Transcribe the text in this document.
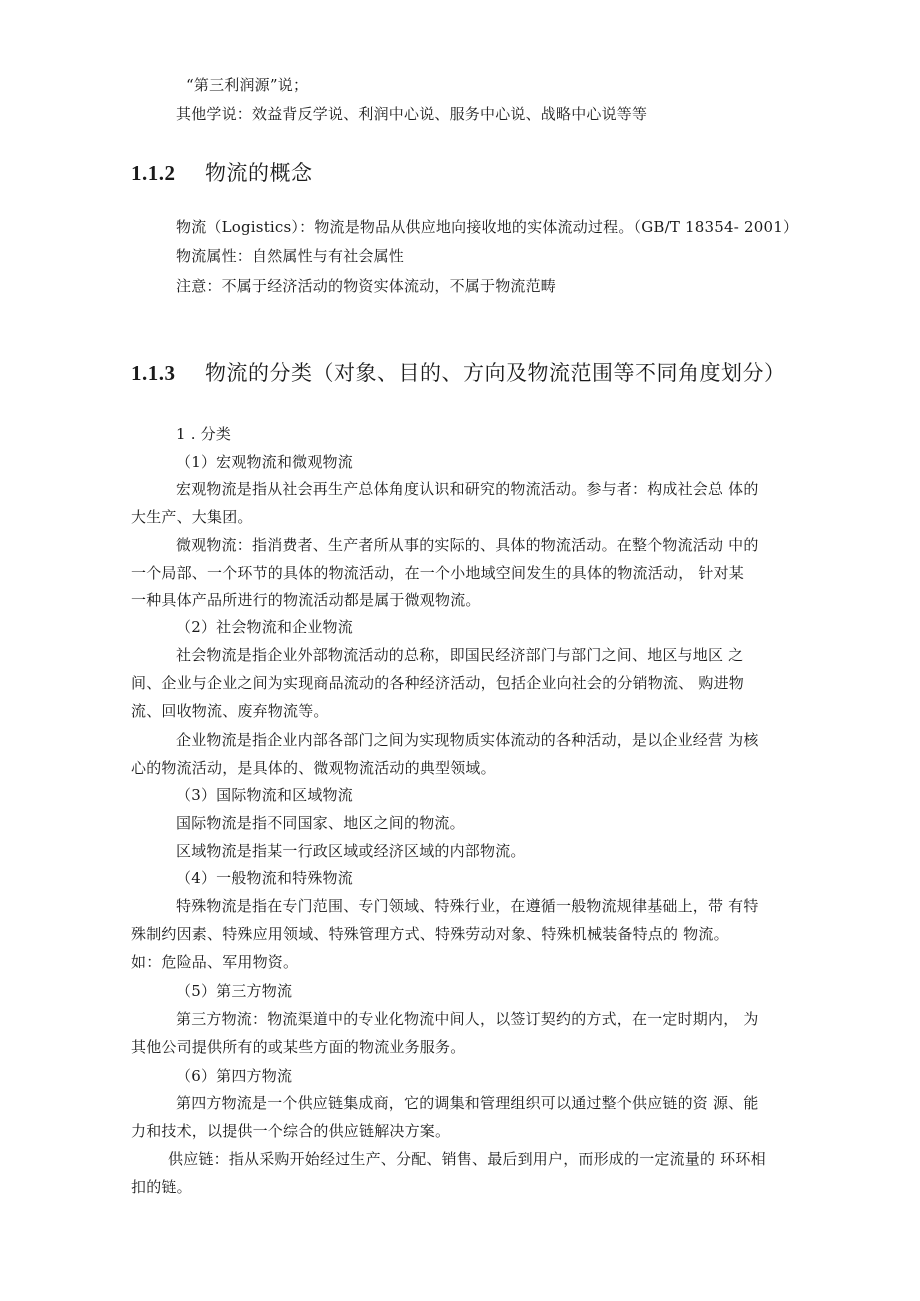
“第三利润源”说；
其他学说：效益背反学说、利润中心说、服务中心说、战略中心说等等
1.1.2 物流的概念
物流（Logistics）：物流是物品从供应地向接收地的实体流动过程。（GB/T 18354- 2001）
物流属性：自然属性与有社会属性
注意：不属于经济活动的物资实体流动，不属于物流范畴
1.1.3 物流的分类（对象、目的、方向及物流范围等不同角度划分）
1 . 分类
（1）宏观物流和微观物流
宏观物流是指从社会再生产总体角度认识和研究的物流活动。参与者：构成社会总 体的
大生产、大集团。
微观物流：指消费者、生产者所从事的实际的、具体的物流活动。在整个物流活动 中的
一个局部、一个环节的具体的物流活动，在一个小地域空间发生的具体的物流活动， 针对某
一种具体产品所进行的物流活动都是属于微观物流。
（2）社会物流和企业物流
社会物流是指企业外部物流活动的总称，即国民经济部门与部门之间、地区与地区 之
间、企业与企业之间为实现商品流动的各种经济活动，包括企业向社会的分销物流、 购进物
流、回收物流、废弃物流等。
企业物流是指企业内部各部门之间为实现物质实体流动的各种活动，是以企业经营 为核
心的物流活动，是具体的、微观物流活动的典型领域。
（3）国际物流和区域物流
国际物流是指不同国家、地区之间的物流。
区域物流是指某一行政区域或经济区域的内部物流。
（4）一般物流和特殊物流
特殊物流是指在专门范围、专门领域、特殊行业，在遵循一般物流规律基础上，带 有特
殊制约因素、特殊应用领域、特殊管理方式、特殊劳动对象、特殊机械装备特点的 物流。
如：危险品、军用物资。
（5）第三方物流
第三方物流：物流渠道中的专业化物流中间人，以签订契约的方式，在一定时期内， 为
其他公司提供所有的或某些方面的物流业务服务。
（6）第四方物流
第四方物流是一个供应链集成商，它的调集和管理组织可以通过整个供应链的资 源、能
力和技术，以提供一个综合的供应链解决方案。
供应链：指从采购开始经过生产、分配、销售、最后到用户，而形成的一定流量的 环环相
扣的链。
